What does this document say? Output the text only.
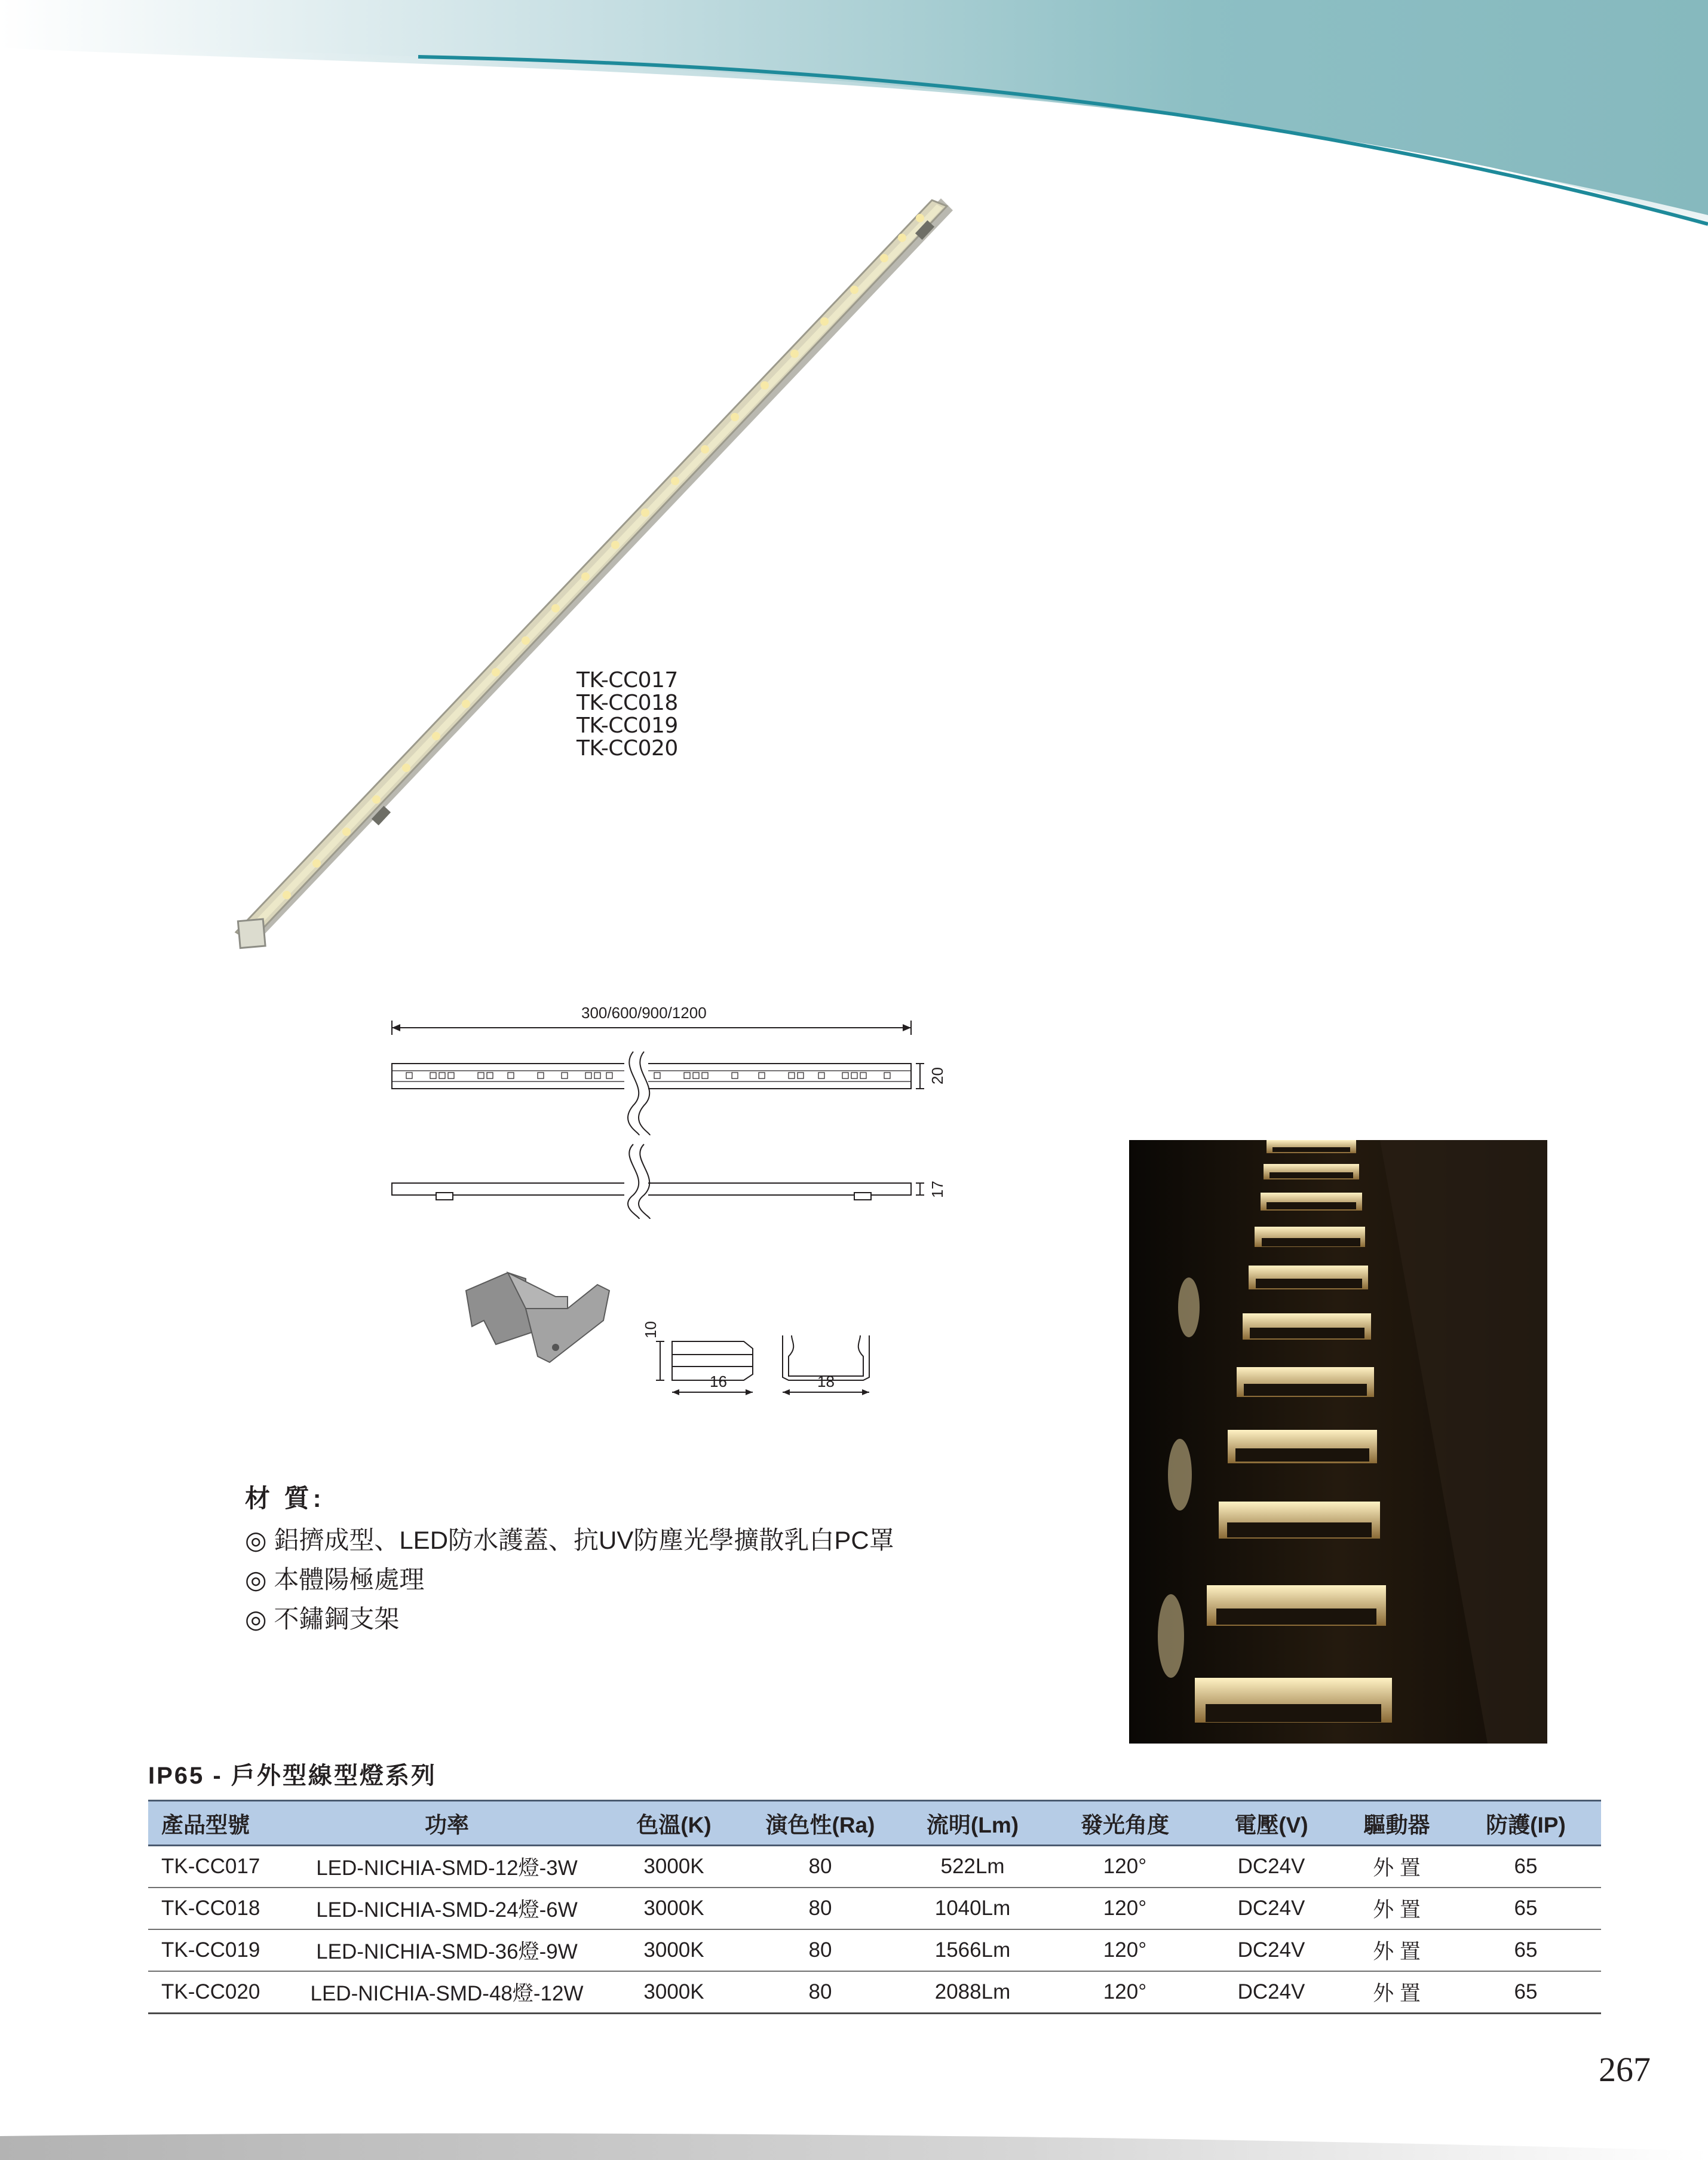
TK-CC017
TK-CC018
TK-CC019
TK-CC020
300/600/900/1200
20
17
10
16	18
材 質:
◎ 鋁擠成型、LED防水護蓋、抗UV防塵光學擴散乳白PC罩
◎ 本體陽極處理
◎ 不鏽鋼支架
IP65 - 戶外型線型燈系列
產品型號	功率	色溫(K)	演色性(Ra)	流明(Lm)	發光角度	電壓(V)	驅動器	防護(IP)
TK-CC017	LED-NICHIA-SMD-12燈-3W	3000K	80	522Lm	120°	DC24V	外 置	65
TK-CC018	LED-NICHIA-SMD-24燈-6W	3000K	80	1040Lm	120°	DC24V	外 置	65
TK-CC019	LED-NICHIA-SMD-36燈-9W	3000K	80	1566Lm	120°	DC24V	外 置	65
TK-CC020	LED-NICHIA-SMD-48燈-12W	3000K	80	2088Lm	120°	DC24V	外 置	65
267
